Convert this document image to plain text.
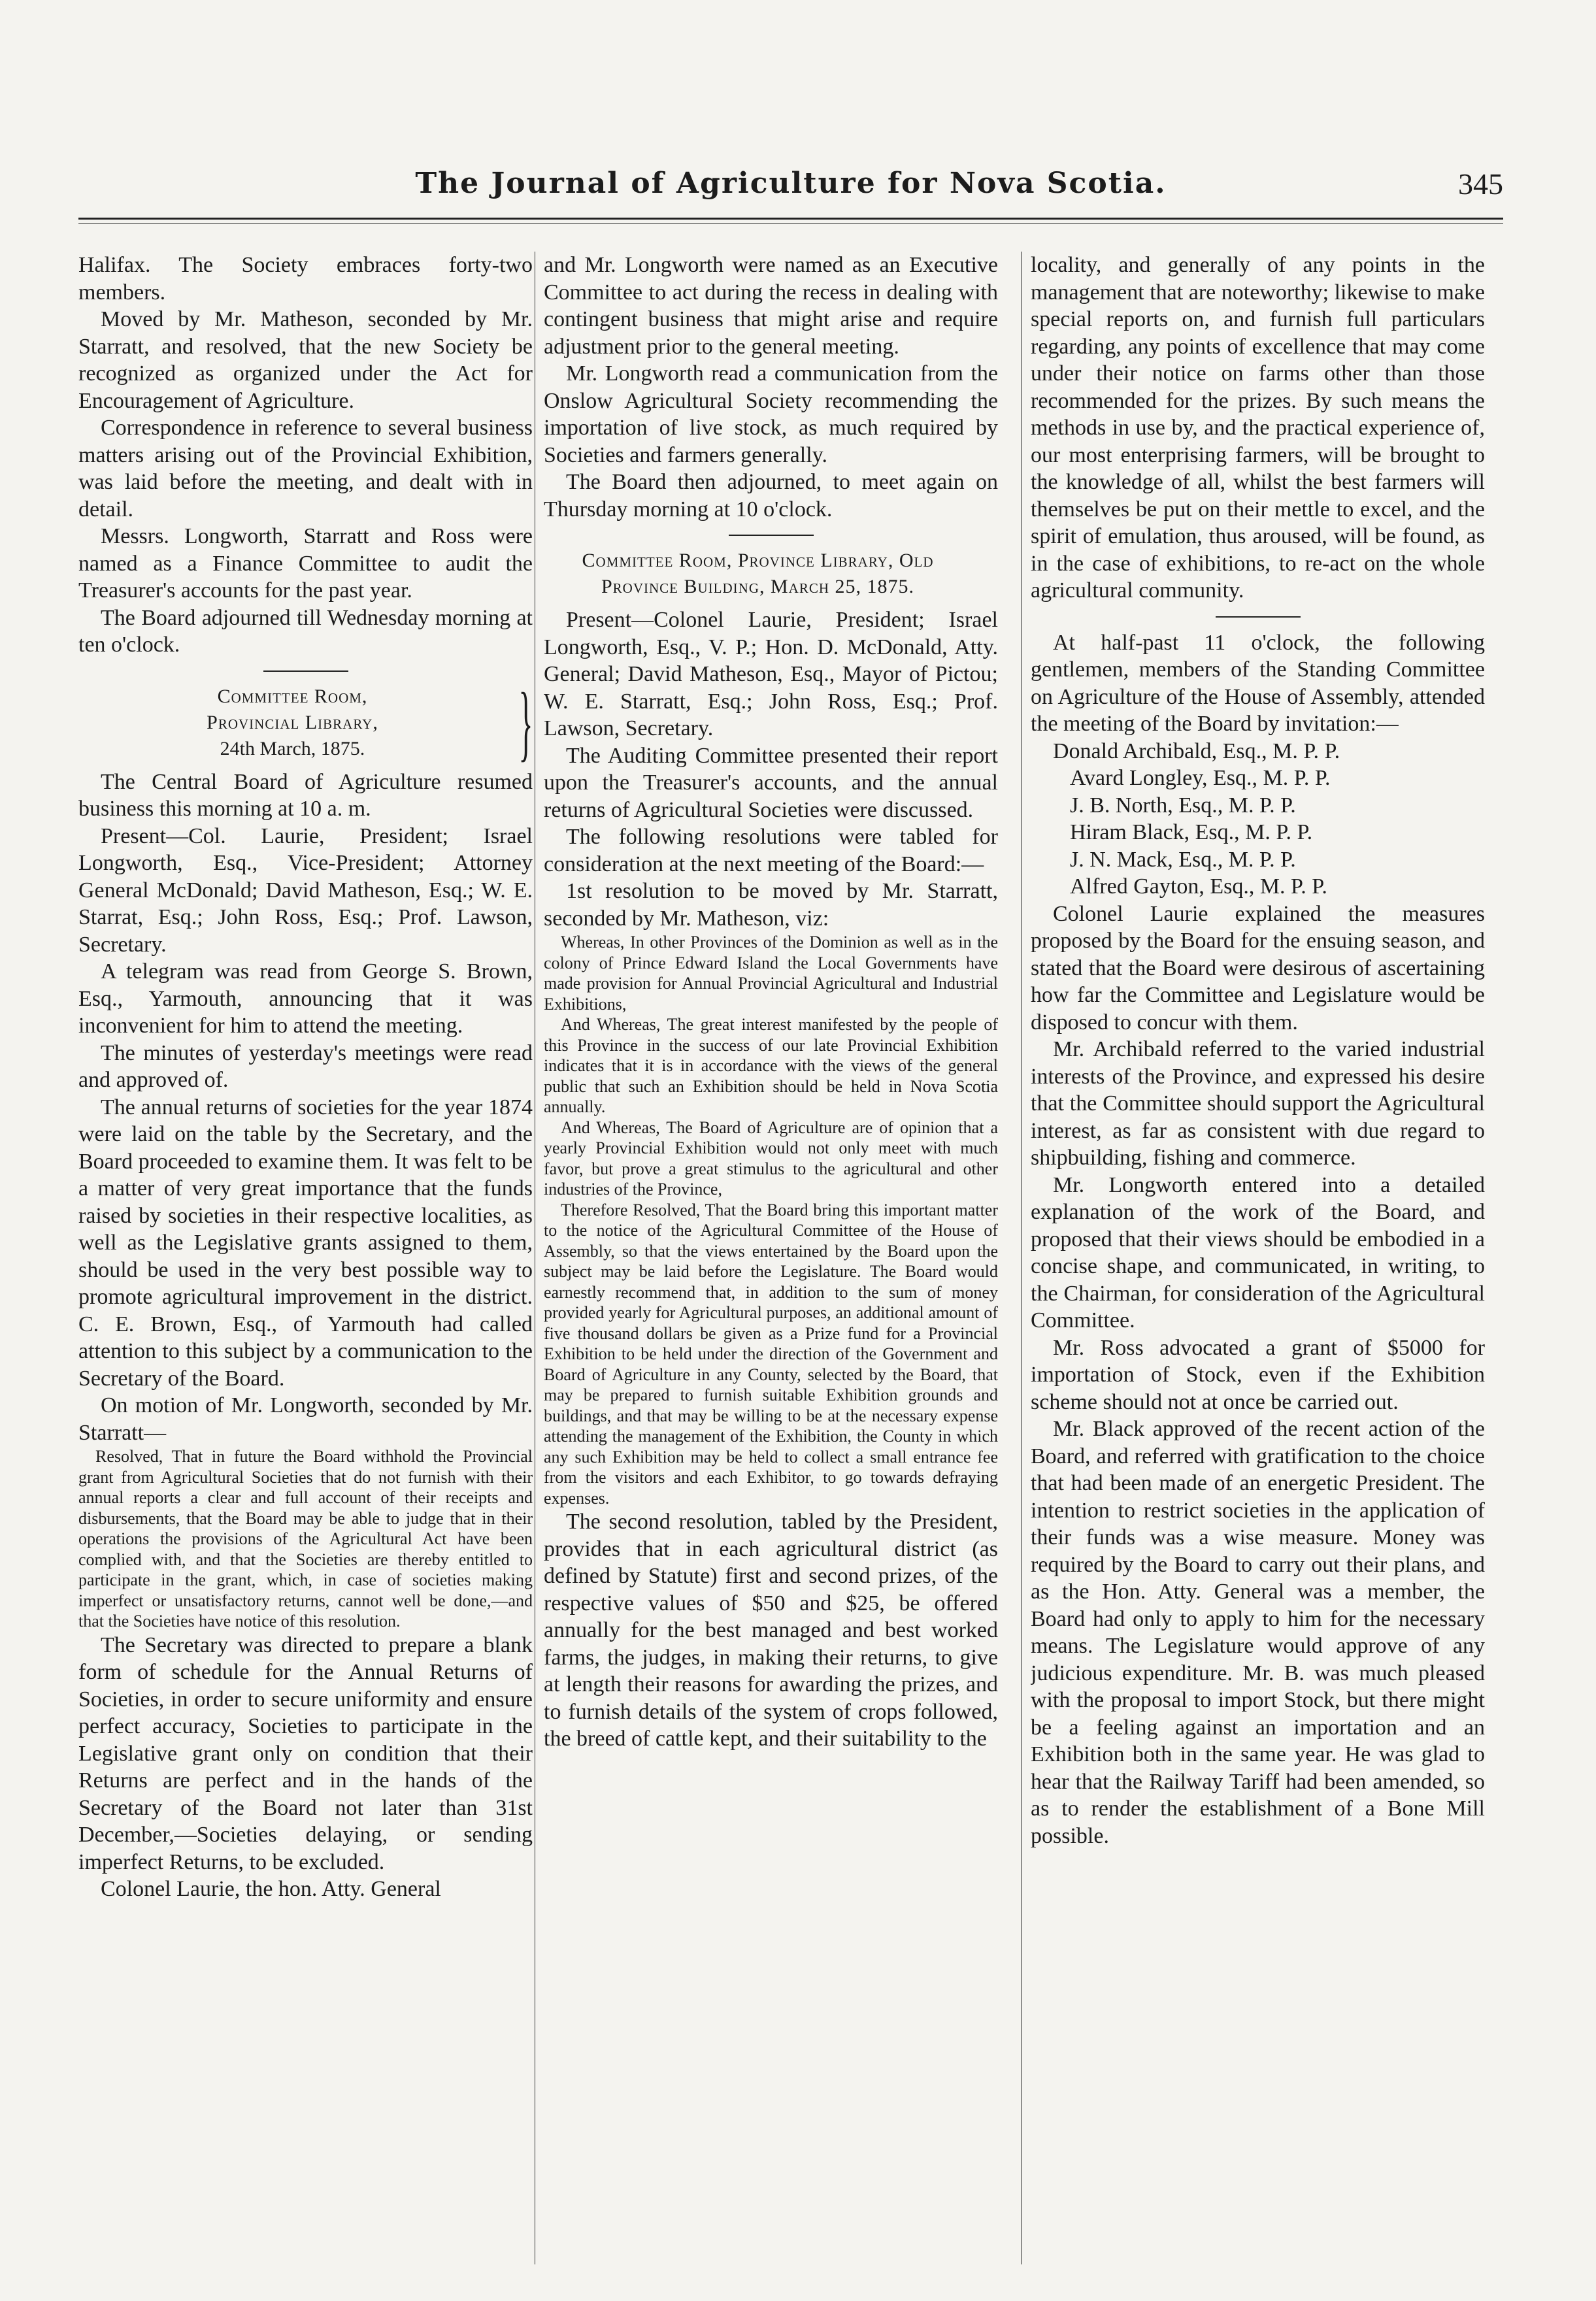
The Journal of Agriculture for Nova Scotia.	345

Halifax. The Society embraces forty-two members.

Moved by Mr. Matheson, seconded by Mr. Starratt, and resolved, that the new Society be recognized as organized under the Act for Encouragement of Agriculture.

Correspondence in reference to several business matters arising out of the Provincial Exhibition, was laid before the meeting, and dealt with in detail.

Messrs. Longworth, Starratt and Ross were named as a Finance Committee to audit the Treasurer's accounts for the past year.

The Board adjourned till Wednesday morning at ten o'clock.

Committee Room,
Provincial Library,
24th March, 1875.	}

The Central Board of Agriculture resumed business this morning at 10 a. m.

Present—Col. Laurie, President; Israel Longworth, Esq., Vice-President; Attorney General McDonald; David Matheson, Esq.; W. E. Starrat, Esq.; John Ross, Esq.; Prof. Lawson, Secretary.

A telegram was read from George S. Brown, Esq., Yarmouth, announcing that it was inconvenient for him to attend the meeting.

The minutes of yesterday's meetings were read and approved of.

The annual returns of societies for the year 1874 were laid on the table by the Secretary, and the Board proceeded to examine them. It was felt to be a matter of very great importance that the funds raised by societies in their respective localities, as well as the Legislative grants assigned to them, should be used in the very best possible way to promote agricultural improvement in the district. C. E. Brown, Esq., of Yarmouth had called attention to this subject by a communication to the Secretary of the Board.

On motion of Mr. Longworth, seconded by Mr. Starratt—

Resolved, That in future the Board withhold the Provincial grant from Agricultural Societies that do not furnish with their annual reports a clear and full account of their receipts and disbursements, that the Board may be able to judge that in their operations the provisions of the Agricultural Act have been complied with, and that the Societies are thereby entitled to participate in the grant, which, in case of societies making imperfect or unsatisfactory returns, cannot well be done,—and that the Societies have notice of this resolution.

The Secretary was directed to prepare a blank form of schedule for the Annual Returns of Societies, in order to secure uniformity and ensure perfect accuracy, Societies to participate in the Legislative grant only on condition that their Returns are perfect and in the hands of the Secretary of the Board not later than 31st December,—Societies delaying, or sending imperfect Returns, to be excluded.

Colonel Laurie, the hon. Atty. General

and Mr. Longworth were named as an Executive Committee to act during the recess in dealing with contingent business that might arise and require adjustment prior to the general meeting.

Mr. Longworth read a communication from the Onslow Agricultural Society recommending the importation of live stock, as much required by Societies and farmers generally.

The Board then adjourned, to meet again on Thursday morning at 10 o'clock.

Committee Room, Province Library, Old
Province Building, March 25, 1875.

Present—Colonel Laurie, President; Israel Longworth, Esq., V. P.; Hon. D. McDonald, Atty. General; David Matheson, Esq., Mayor of Pictou; W. E. Starratt, Esq.; John Ross, Esq.; Prof. Lawson, Secretary.

The Auditing Committee presented their report upon the Treasurer's accounts, and the annual returns of Agricultural Societies were discussed.

The following resolutions were tabled for consideration at the next meeting of the Board:—

1st resolution to be moved by Mr. Starratt, seconded by Mr. Matheson, viz:

Whereas, In other Provinces of the Dominion as well as in the colony of Prince Edward Island the Local Governments have made provision for Annual Provincial Agricultural and Industrial Exhibitions,

And Whereas, The great interest manifested by the people of this Province in the success of our late Provincial Exhibition indicates that it is in accordance with the views of the general public that such an Exhibition should be held in Nova Scotia annually.

And Whereas, The Board of Agriculture are of opinion that a yearly Provincial Exhibition would not only meet with much favor, but prove a great stimulus to the agricultural and other industries of the Province,

Therefore Resolved, That the Board bring this important matter to the notice of the Agricultural Committee of the House of Assembly, so that the views entertained by the Board upon the subject may be laid before the Legislature. The Board would earnestly recommend that, in addition to the sum of money provided yearly for Agricultural purposes, an additional amount of five thousand dollars be given as a Prize fund for a Provincial Exhibition to be held under the direction of the Government and Board of Agriculture in any County, selected by the Board, that may be prepared to furnish suitable Exhibition grounds and buildings, and that may be willing to be at the necessary expense attending the management of the Exhibition, the County in which any such Exhibition may be held to collect a small entrance fee from the visitors and each Exhibitor, to go towards defraying expenses.

The second resolution, tabled by the President, provides that in each agricultural district (as defined by Statute) first and second prizes, of the respective values of $50 and $25, be offered annually for the best managed and best worked farms, the judges, in making their returns, to give at length their reasons for awarding the prizes, and to furnish details of the system of crops followed, the breed of cattle kept, and their suitability to the

locality, and generally of any points in the management that are noteworthy; likewise to make special reports on, and furnish full particulars regarding, any points of excellence that may come under their notice on farms other than those recommended for the prizes. By such means the methods in use by, and the practical experience of, our most enterprising farmers, will be brought to the knowledge of all, whilst the best farmers will themselves be put on their mettle to excel, and the spirit of emulation, thus aroused, will be found, as in the case of exhibitions, to re-act on the whole agricultural community.

At half-past 11 o'clock, the following gentlemen, members of the Standing Committee on Agriculture of the House of Assembly, attended the meeting of the Board by invitation:—

Donald Archibald, Esq., M. P. P.
Avard Longley, Esq., M. P. P.
J. B. North, Esq., M. P. P.
Hiram Black, Esq., M. P. P.
J. N. Mack, Esq., M. P. P.
Alfred Gayton, Esq., M. P. P.

Colonel Laurie explained the measures proposed by the Board for the ensuing season, and stated that the Board were desirous of ascertaining how far the Committee and Legislature would be disposed to concur with them.

Mr. Archibald referred to the varied industrial interests of the Province, and expressed his desire that the Committee should support the Agricultural interest, as far as consistent with due regard to shipbuilding, fishing and commerce.

Mr. Longworth entered into a detailed explanation of the work of the Board, and proposed that their views should be embodied in a concise shape, and communicated, in writing, to the Chairman, for consideration of the Agricultural Committee.

Mr. Ross advocated a grant of $5000 for importation of Stock, even if the Exhibition scheme should not at once be carried out.

Mr. Black approved of the recent action of the Board, and referred with gratification to the choice that had been made of an energetic President. The intention to restrict societies in the application of their funds was a wise measure. Money was required by the Board to carry out their plans, and as the Hon. Atty. General was a member, the Board had only to apply to him for the necessary means. The Legislature would approve of any judicious expenditure. Mr. B. was much pleased with the proposal to import Stock, but there might be a feeling against an importation and an Exhibition both in the same year. He was glad to hear that the Railway Tariff had been amended, so as to render the establishment of a Bone Mill possible.
